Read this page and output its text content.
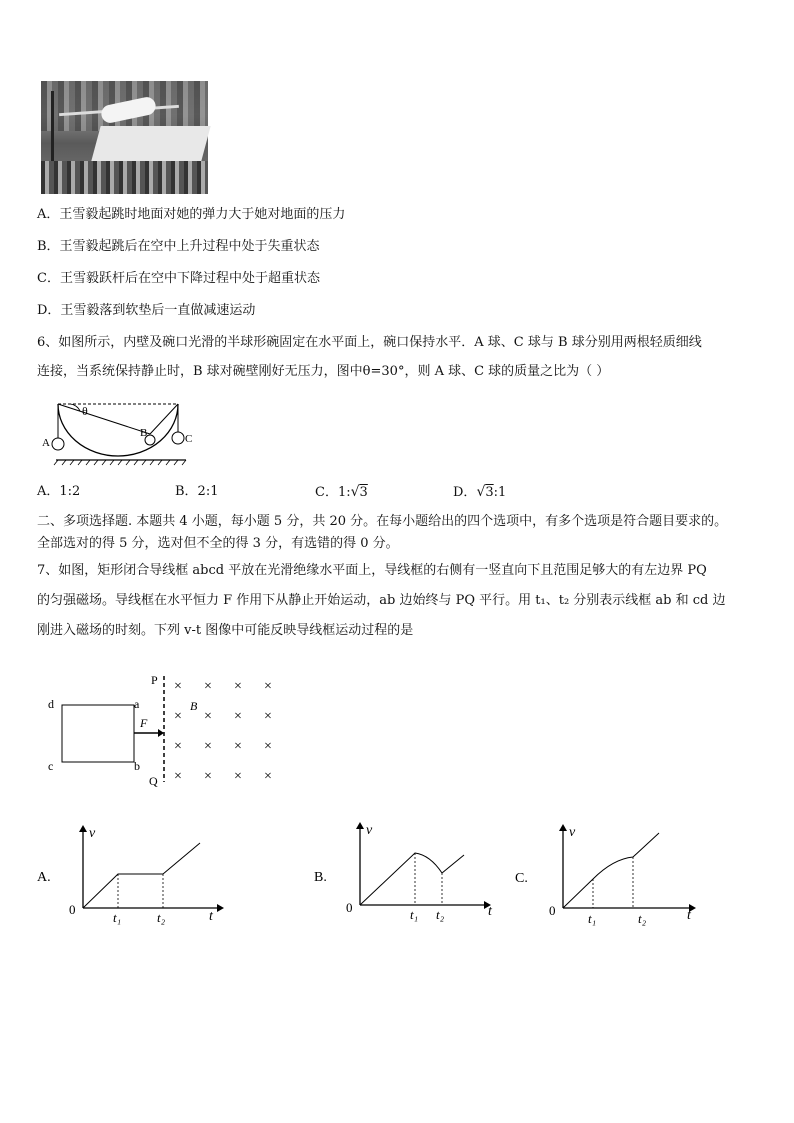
A．王雪毅起跳时地面对她的弹力大于她对地面的压力
B．王雪毅起跳后在空中上升过程中处于失重状态
C．王雪毅跃杆后在空中下降过程中处于超重状态
D．王雪毅落到软垫后一直做减速运动
6、如图所示，内壁及碗口光滑的半球形碗固定在水平面上，碗口保持水平．A 球、C 球与 B 球分别用两根轻质细线
连接，当系统保持静止时，B 球对碗壁刚好无压力，图中θ=30°，则 A 球、C 球的质量之比为（ ）
θ
A
B	C
A．1:2	B．2:1	C．1:√3	D．√3:1
二、多项选择题. 本题共 4 小题，每小题 5 分，共 20 分。在每小题给出的四个选项中，有多个选项是符合题目要求的。
全部选对的得 5 分，选对但不全的得 3 分，有选错的得 0 分。
7、如图，矩形闭合导线框 abcd 平放在光滑绝缘水平面上，导线框的右侧有一竖直向下且范围足够大的有左边界 PQ
的匀强磁场。导线框在水平恒力 F 作用下从静止开始运动，ab 边始终与 PQ 平行。用 t₁、t₂ 分别表示线框 ab 和 cd 边
刚进入磁场的时刻。下列 v-t 图像中可能反映导线框运动过程的是
d	a
c	b
F
P
Q
B
× × × ×
× × × ×
× × × ×
× × × ×
A.
v
0
t₁	t₂	t
B.
v
0	t₁ t₂	t
C.
v
0
t₁	t₂	t
